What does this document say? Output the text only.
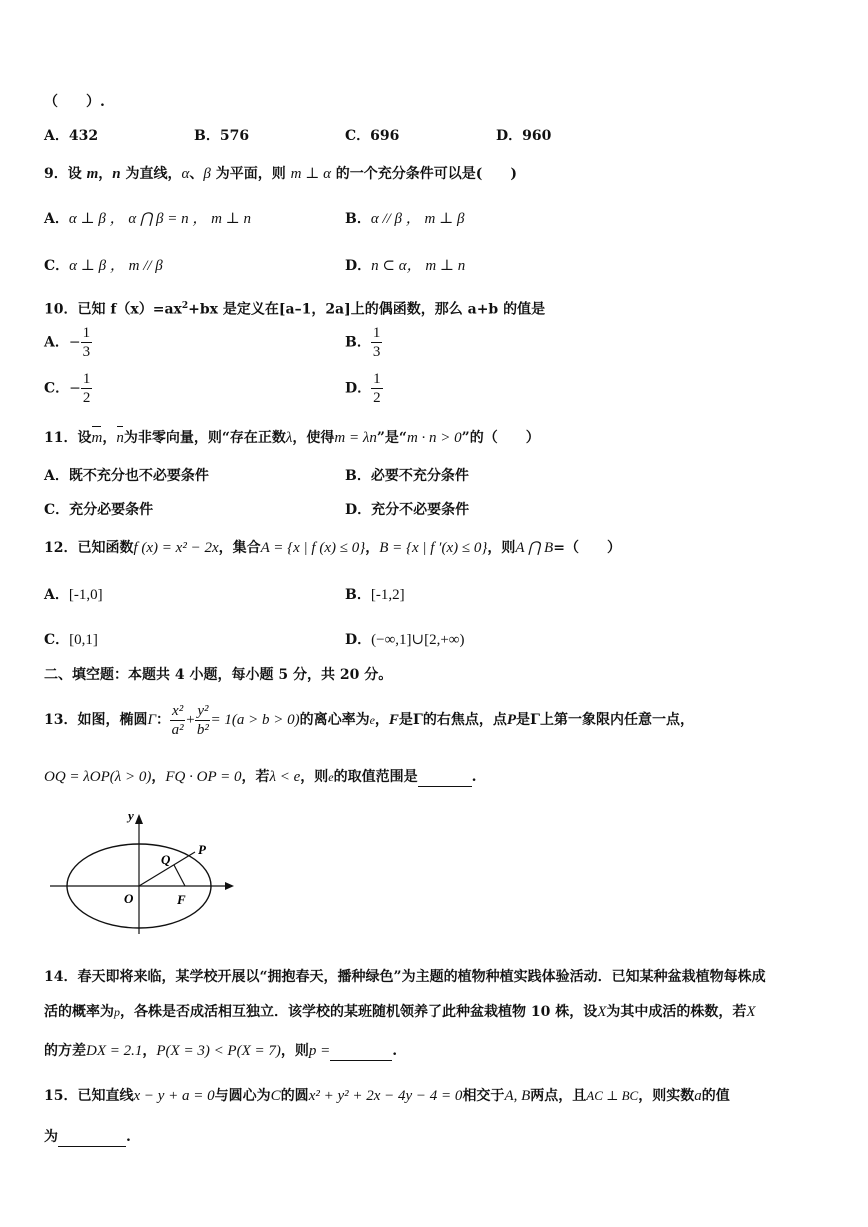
（　　）.
A．432	B．576	C．696	D．960
9．设 m，n 为直线，α、β 为平面，则 m ⊥ α 的一个充分条件可以是(　　)
A．α ⊥ β ， α ⋂ β = n ， m ⊥ n	B．α // β ， m ⊥ β
C．α ⊥ β ， m // β	D．n ⊂ α， m ⊥ n
10．已知 $f(x)=ax^2+bx$ 是定义在[a–1，2a]上的偶函数，那么 a+b 的值是
A．− $\frac{1}{3}$	B． $\frac{1}{3}$
C．− $\frac{1}{2}$	D． $\frac{1}{2}$
11．设m，n为非零向量，则“存在正数λ，使得m = λn”是“m · n > 0”的（　　）
A．既不充分也不必要条件	B．必要不充分条件
C．充分必要条件	D．充分不必要条件
12．已知函数f (x) = x² − 2x，集合A = {x | f (x) ≤ 0}，B = {x | f ′(x) ≤ 0}，则A ⋂ B=（　　）
A．[-1,0]	B．[-1,2]
C．[0,1]	D．(−∞,1]∪[2,+∞)
二、填空题：本题共 4 小题，每小题 5 分，共 20 分。
13．如图，椭圆Γ： $\frac{\text{x²}}{\text{a²}} + \frac{\text{y²}}{\text{b²}} = 1(a > b > 0)$的离心率为e，F是Γ的右焦点，点P是Γ上第一象限内任意一点，
OQ = λOP(λ > 0)，FQ · OP = 0，若λ < e，则e的取值范围是	.
y
O
Q
P
F
14．春天即将来临，某学校开展以“拥抱春天，播种绿色”为主题的植物种植实践体验活动．已知某种盆栽植物每株成
活的概率为p，各株是否成活相互独立．该学校的某班随机领养了此种盆栽植物 10 株，设X为其中成活的株数，若X
的方差DX = 2.1，P(X = 3) < P(X = 7)，则p =	.
15．已知直线x − y + a = 0与圆心为C的圆x² + y² + 2x − 4y − 4 = 0相交于A, B两点，且AC ⊥ BC，则实数a的值
为	.
